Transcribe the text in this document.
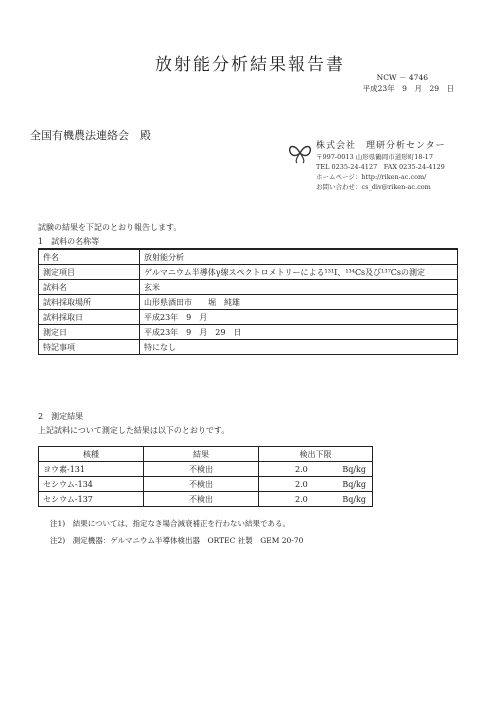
放射能分析結果報告書
NCW － 4746
平成23年　9　月　29　日
全国有機農法連絡会　殿
株式会社　理研分析センター
〒997-0013 山形県鶴岡市道形町18-17
TEL 0235-24-4127　FAX 0235-24-4129
ホームページ：http://riken-ac.com/
お問い合わせ：cs_div@riken-ac.com
試験の結果を下記のとおり報告します。
1　試料の名称等
件名	放射能分析
測定項目	ゲルマニウム半導体γ線スペクトロメトリーによる¹³¹I、¹³⁴Cs及び¹³⁷Csの測定
試料名	玄米
試料採取場所	山形県酒田市　　堀　純雄
試料採取日	平成23年　9　月
測定日	平成23年　9　月　29　日
特記事項	特になし
2　測定結果
上記試料について測定した結果は以下のとおりです。
核種	結果	検出下限
ヨウ素-131	不検出	2.0 Bq/kg

セシウム-134	不検出	2.0 Bq/kg

セシウム-137	不検出	2.0 Bq/kg
注1)　結果については、指定なき場合減衰補正を行わない結果である。
注2)　測定機器：ゲルマニウム半導体検出器　ORTEC 社製　GEM 20-70
